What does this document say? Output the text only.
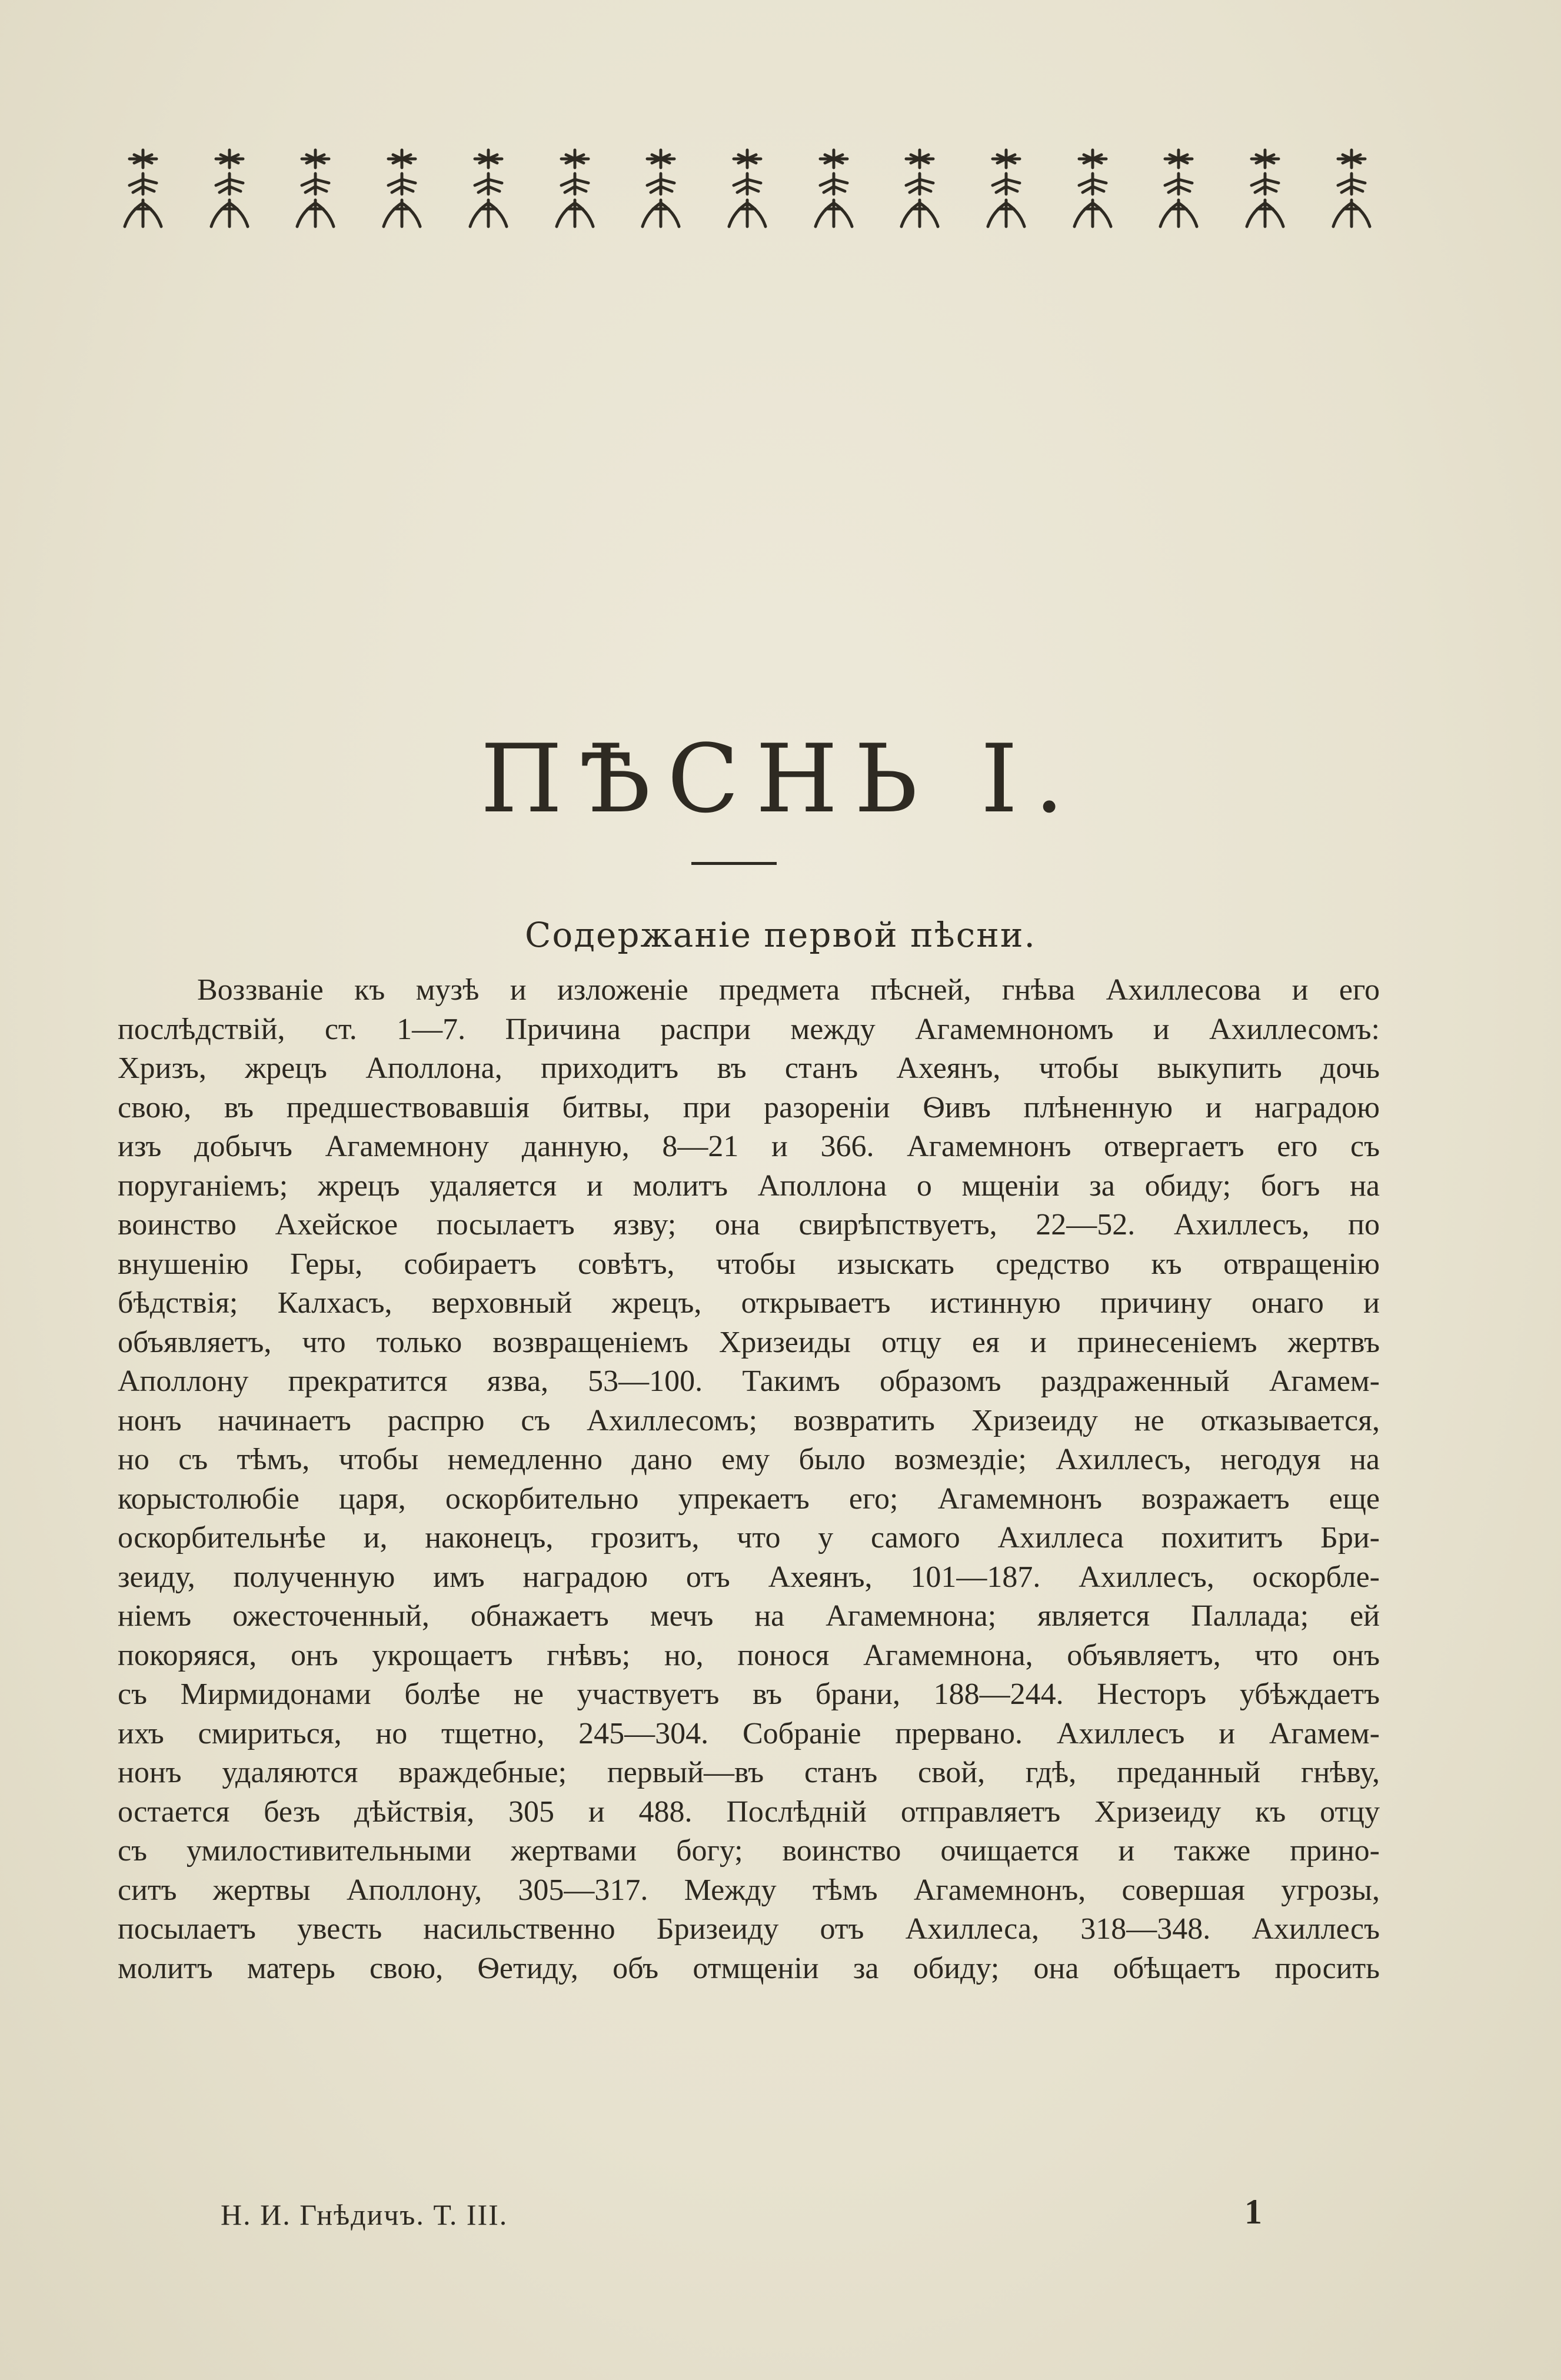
ПѢСНЬ I.
Содержаніе первой пѣсни.
Воззваніе къ музѣ и изложеніе предмета пѣсней, гнѣва Ахиллесова и его
послѣдствій, ст. 1—7. Причина распри между Агамемнономъ и Ахиллесомъ:
Хризъ, жрецъ Аполлона, приходитъ въ станъ Ахеянъ, чтобы выкупить дочь
свою, въ предшествовавшія битвы, при разореніи Ѳивъ плѣненную и наградою
изъ добычъ Агамемнону данную, 8—21 и 366. Агамемнонъ отвергаетъ его съ
поруганіемъ; жрецъ удаляется и молитъ Аполлона о мщеніи за обиду; богъ на
воинство Ахейское посылаетъ язву; она свирѣпствуетъ, 22—52. Ахиллесъ, по
внушенію Геры, собираетъ совѣтъ, чтобы изыскать средство къ отвращенію
бѣдствія; Калхасъ, верховный жрецъ, открываетъ истинную причину онаго и
объявляетъ, что только возвращеніемъ Хризеиды отцу ея и принесеніемъ жертвъ
Аполлону прекратится язва, 53—100. Такимъ образомъ раздраженный Агамем-
нонъ начинаетъ распрю съ Ахиллесомъ; возвратить Хризеиду не отказывается,
но съ тѣмъ, чтобы немедленно дано ему было возмездіе; Ахиллесъ, негодуя на
корыстолюбіе царя, оскорбительно упрекаетъ его; Агамемнонъ возражаетъ еще
оскорбительнѣе и, наконецъ, грозитъ, что у самого Ахиллеса похититъ Бри-
зеиду, полученную имъ наградою отъ Ахеянъ, 101—187. Ахиллесъ, оскорбле-
ніемъ ожесточенный, обнажаетъ мечъ на Агамемнона; является Паллада; ей
покоряяся, онъ укрощаетъ гнѣвъ; но, понося Агамемнона, объявляетъ, что онъ
съ Мирмидонами болѣе не участвуетъ въ брани, 188—244. Несторъ убѣждаетъ
ихъ смириться, но тщетно, 245—304. Собраніе прервано. Ахиллесъ и Агамем-
нонъ удаляются враждебные; первый—въ станъ свой, гдѣ, преданный гнѣву,
остается безъ дѣйствія, 305 и 488. Послѣдній отправляетъ Хризеиду къ отцу
съ умилостивительными жертвами богу; воинство очищается и также прино-
ситъ жертвы Аполлону, 305—317. Между тѣмъ Агамемнонъ, совершая угрозы,
посылаетъ увесть насильственно Бризеиду отъ Ахиллеса, 318—348. Ахиллесъ
молитъ матерь свою, Ѳетиду, объ отмщеніи за обиду; она обѣщаетъ просить
Н. И. Гнѣдичъ. Т. III.	1
